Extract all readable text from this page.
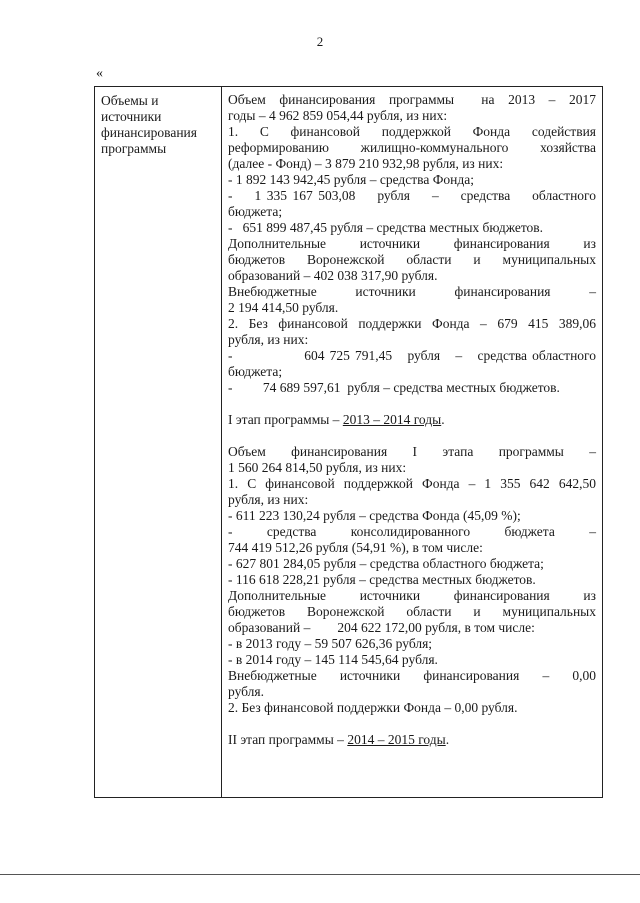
2
«
Объемы и
источники
финансирования
программы

Объем финансирования программы  на 2013 – 2017

годы – 4 962 859 054,44 рубля, из них:

1. С финансовой поддержкой Фонда содействия

реформированию жилищно-коммунального хозяйства

(далее - Фонд) – 3 879 210 932,98 рубля, из них:

- 1 892 143 942,45 рубля – средства Фонда;

-    1 335 167 503,08    рубля    –    средства    областного

бюджета;

-   651 899 487,45 рубля – средства местных бюджетов.

Дополнительные источники финансирования из

бюджетов Воронежской области и муниципальных

образований – 402 038 317,90 рубля.

Внебюджетные источники финансирования –

2 194 414,50 рубля.

2. Без финансовой поддержки Фонда – 679 415 389,06

рубля, из них:

-              604 725 791,45   рубля   –   средства областного

бюджета;

-         74 689 597,61  рубля – средства местных бюджетов.

I этап программы – 2013 – 2014 годы.

Объем финансирования I этапа программы –

1 560 264 814,50 рубля, из них:

1. С финансовой поддержкой Фонда – 1 355 642 642,50

рубля, из них:

- 611 223 130,24 рубля – средства Фонда (45,09 %);

-    средства    консолидированного    бюджета    –

744 419 512,26 рубля (54,91 %), в том числе:

- 627 801 284,05 рубля – средства областного бюджета;

- 116 618 228,21 рубля – средства местных бюджетов.

Дополнительные источники финансирования из

бюджетов Воронежской области и муниципальных

образований –        204 622 172,00 рубля, в том числе:

- в 2013 году – 59 507 626,36 рубля;

- в 2014 году – 145 114 545,64 рубля.

Внебюджетные источники финансирования – 0,00

рубля.

2. Без финансовой поддержки Фонда – 0,00 рубля.

II этап программы – 2014 – 2015 годы.
